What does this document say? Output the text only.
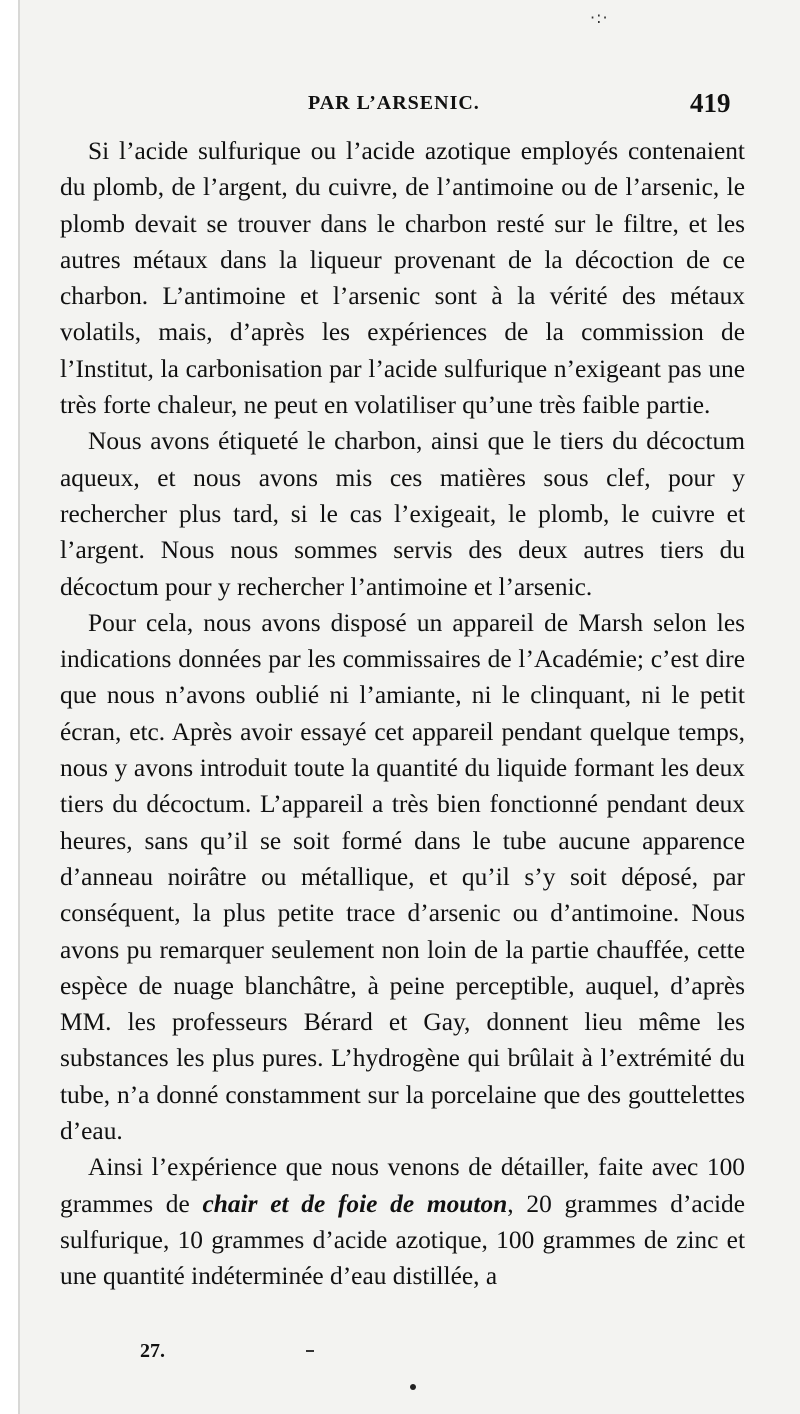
·:·
PAR L’ARSENIC.	419

Si l’acide sulfurique ou l’acide azotique employés contenaient du plomb, de l’argent, du cuivre, de l’antimoine ou de l’arsenic, le plomb devait se trouver dans le charbon resté sur le filtre, et les autres métaux dans la liqueur provenant de la décoction de ce charbon. L’antimoine et l’arsenic sont à la vérité des métaux volatils, mais, d’après les expériences de la commission de l’Institut, la carbonisation par l’acide sulfurique n’exigeant pas une très forte chaleur, ne peut en volatiliser qu’une très faible partie.

Nous avons étiqueté le charbon, ainsi que le tiers du décoctum aqueux, et nous avons mis ces matières sous clef, pour y rechercher plus tard, si le cas l’exigeait, le plomb, le cuivre et l’argent. Nous nous sommes servis des deux autres tiers du décoctum pour y rechercher l’antimoine et l’arsenic.

Pour cela, nous avons disposé un appareil de Marsh selon les indications données par les commissaires de l’Académie; c’est dire que nous n’avons oublié ni l’amiante, ni le clinquant, ni le petit écran, etc. Après avoir essayé cet appareil pendant quelque temps, nous y avons introduit toute la quantité du liquide formant les deux tiers du décoctum. L’appareil a très bien fonctionné pendant deux heures, sans qu’il se soit formé dans le tube aucune apparence d’anneau noirâtre ou métallique, et qu’il s’y soit déposé, par conséquent, la plus petite trace d’arsenic ou d’antimoine. Nous avons pu remarquer seulement non loin de la partie chauffée, cette espèce de nuage blanchâtre, à peine perceptible, auquel, d’après MM. les professeurs Bérard et Gay, donnent lieu même les substances les plus pures. L’hydrogène qui brûlait à l’extrémité du tube, n’a donné constamment sur la porcelaine que des gouttelettes d’eau.

Ainsi l’expérience que nous venons de détailler, faite avec 100 grammes de chair et de foie de mouton, 20 grammes d’acide sulfurique, 10 grammes d’acide azotique, 100 grammes de zinc et une quantité indéterminée d’eau distillée, a

27.
